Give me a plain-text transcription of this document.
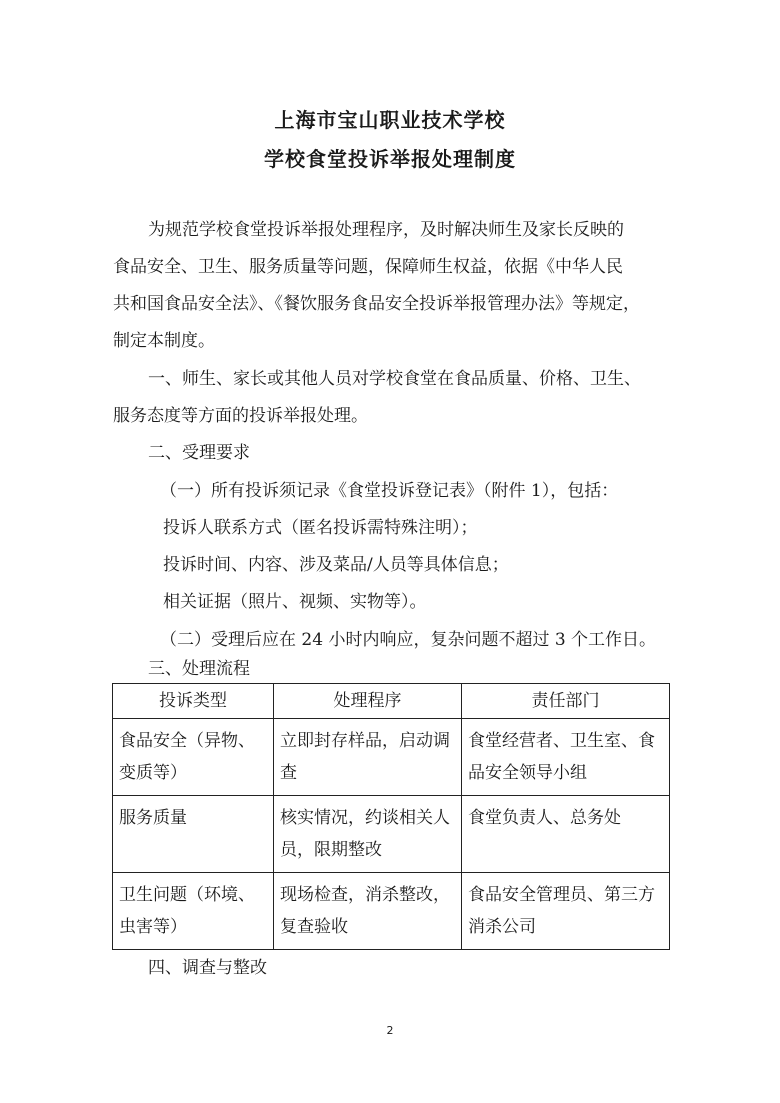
上海市宝山职业技术学校
学校食堂投诉举报处理制度
为规范学校食堂投诉举报处理程序，及时解决师生及家长反映的
食品安全、卫生、服务质量等问题，保障师生权益，依据《中华人民
共和国食品安全法》、《餐饮服务食品安全投诉举报管理办法》等规定，
制定本制度。
一、师生、家长或其他人员对学校食堂在食品质量、价格、卫生、
服务态度等方面的投诉举报处理。
二、受理要求
（一）所有投诉须记录《食堂投诉登记表》（附件 1），包括：
投诉人联系方式（匿名投诉需特殊注明）；
投诉时间、内容、涉及菜品/人员等具体信息；
相关证据（照片、视频、实物等）。
（二）受理后应在 24 小时内响应，复杂问题不超过 3 个工作日。
三、处理流程
投诉类型	处理程序	责任部门
食品安全（异物、变质等）	立即封存样品，启动调查	食堂经营者、卫生室、食品安全领导小组
服务质量	核实情况，约谈相关人员，限期整改	食堂负责人、总务处
卫生问题（环境、虫害等）	现场检查，消杀整改，复查验收	食品安全管理员、第三方消杀公司
四、调查与整改
2
